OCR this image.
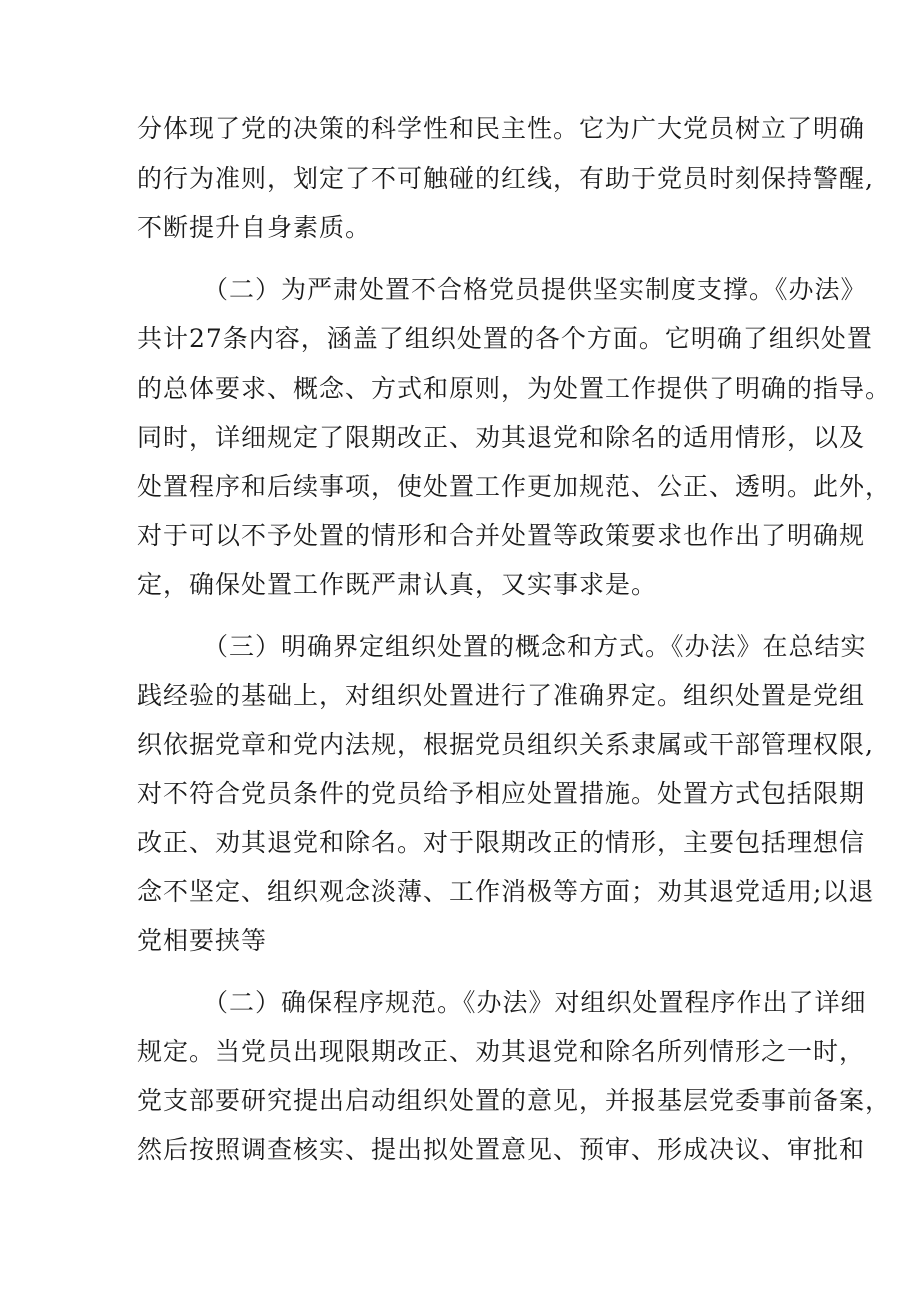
分体现了党的决策的科学性和民主性。它为广大党员树立了明确
的行为准则，划定了不可触碰的红线，有助于党员时刻保持警醒,
不断提升自身素质。
（二）为严肃处置不合格党员提供坚实制度支撑。《办法》
共计27条内容，涵盖了组织处置的各个方面。它明确了组织处置
的总体要求、概念、方式和原则，为处置工作提供了明确的指导。
同时，详细规定了限期改正、劝其退党和除名的适用情形，以及
处置程序和后续事项，使处置工作更加规范、公正、透明。此外，
对于可以不予处置的情形和合并处置等政策要求也作出了明确规
定，确保处置工作既严肃认真，又实事求是。
（三）明确界定组织处置的概念和方式。《办法》在总结实
践经验的基础上，对组织处置进行了准确界定。组织处置是党组
织依据党章和党内法规，根据党员组织关系隶属或干部管理权限,
对不符合党员条件的党员给予相应处置措施。处置方式包括限期
改正、劝其退党和除名。对于限期改正的情形，主要包括理想信
念不坚定、组织观念淡薄、工作消极等方面；劝其退党适用;以退
党相要挟等
（二）确保程序规范。《办法》对组织处置程序作出了详细
规定。当党员出现限期改正、劝其退党和除名所列情形之一时，
党支部要研究提出启动组织处置的意见，并报基层党委事前备案，
然后按照调查核实、提出拟处置意见、预审、形成决议、审批和
